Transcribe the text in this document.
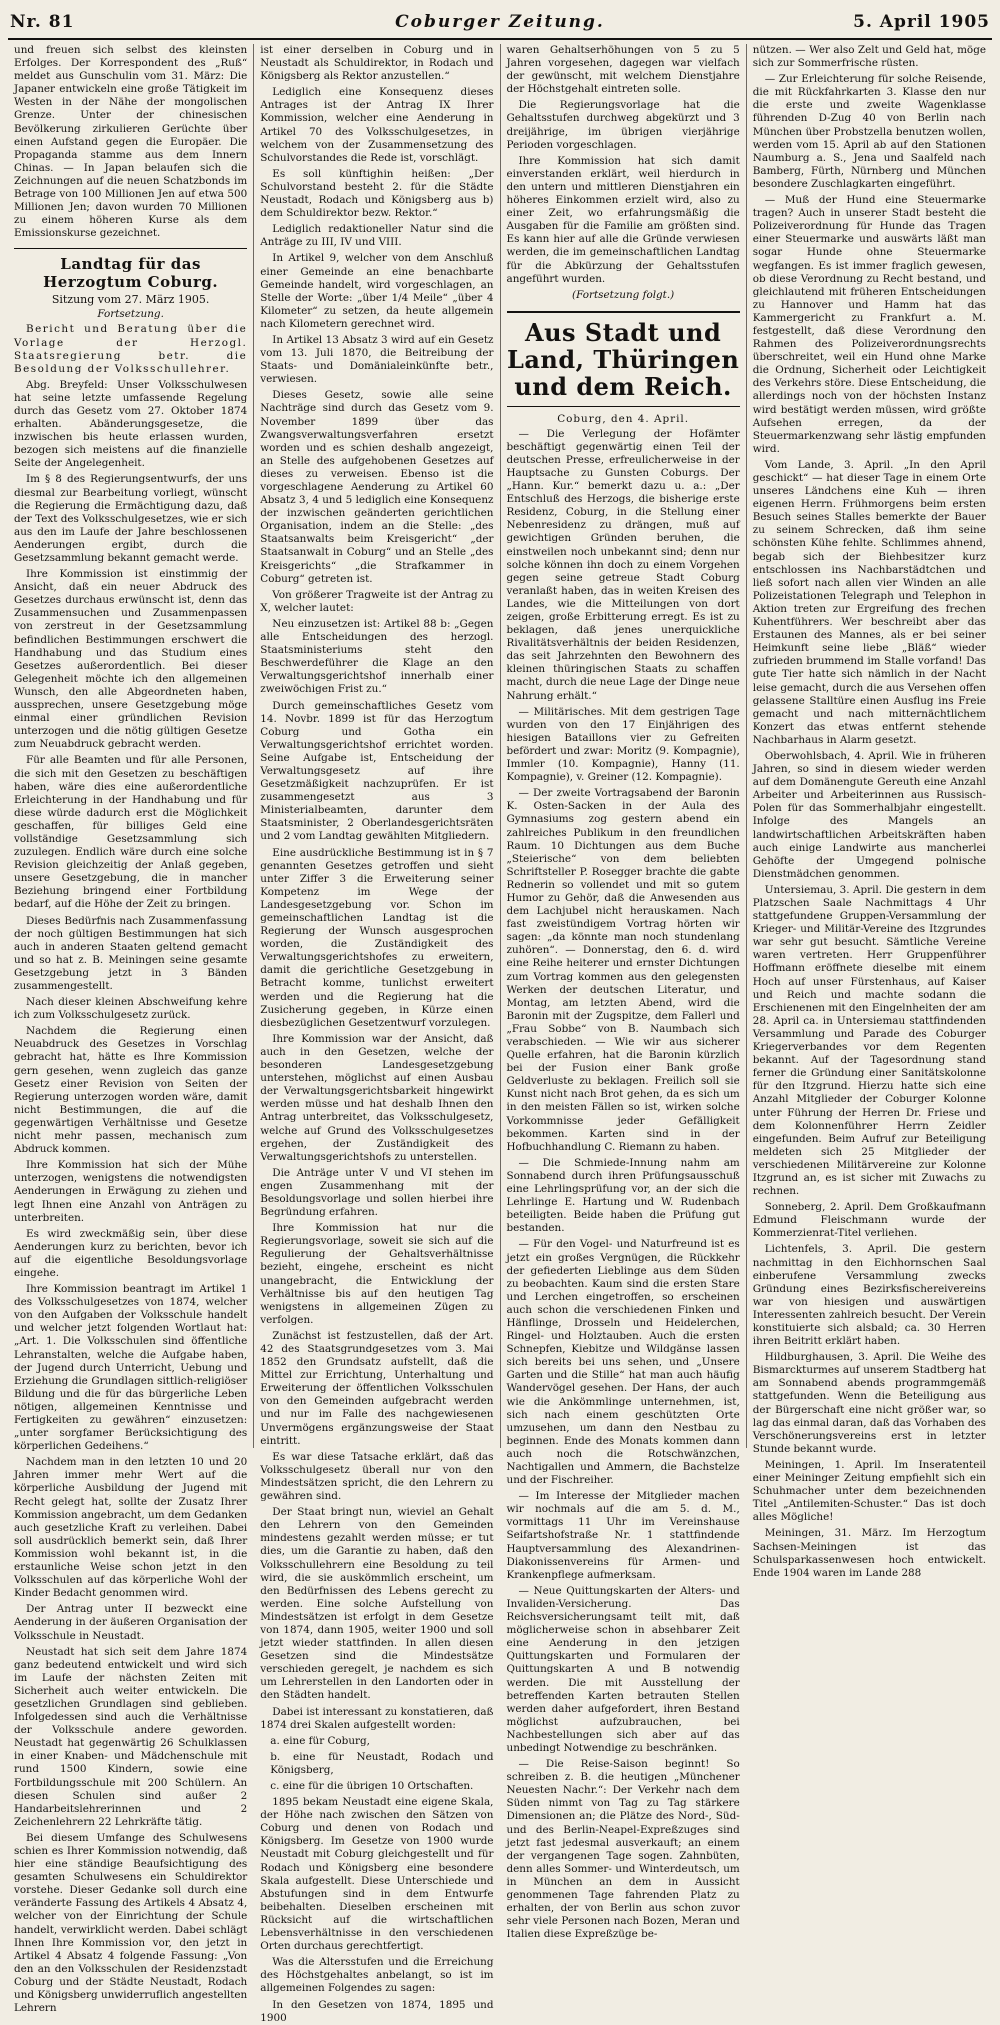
Nr. 81	Coburger Zeitung.	5. April 1905

und freuen sich selbst des kleinsten Erfolges. Der Korrespondent des „Ruß“ meldet aus Gunschulin vom 31. März: Die Japaner entwickeln eine große Tätigkeit im Westen in der Nähe der mongolischen Grenze. Unter der chinesischen Bevölkerung zirkulieren Gerüchte über einen Aufstand gegen die Europäer. Die Propaganda stamme aus dem Innern Chinas. — In Japan belaufen sich die Zeichnungen auf die neuen Schatzbonds im Betrage von 100 Millionen Jen auf etwa 500 Millionen Jen; davon wurden 70 Millionen zu einem höheren Kurse als dem Emissionskurse gezeichnet.

Landtag für das Herzogtum Coburg.
Sitzung vom 27. März 1905.
Fortsetzung.

Bericht und Beratung über die Vorlage der Herzogl. Staatsregierung betr. die Besoldung der Volksschullehrer.

Abg. Breyfeld: Unser Volksschulwesen hat seine letzte umfassende Regelung durch das Gesetz vom 27. Oktober 1874 erhalten. Abänderungsgesetze, die inzwischen bis heute erlassen wurden, bezogen sich meistens auf die finanzielle Seite der Angelegenheit.

Im § 8 des Regierungsentwurfs, der uns diesmal zur Bearbeitung vorliegt, wünscht die Regierung die Ermächtigung dazu, daß der Text des Volksschulgesetzes, wie er sich aus den im Laufe der Jahre beschlossenen Aenderungen ergibt, durch die Gesetzsammlung bekannt gemacht werde.

Ihre Kommission ist einstimmig der Ansicht, daß ein neuer Abdruck des Gesetzes durchaus erwünscht ist, denn das Zusammensuchen und Zusammenpassen von zerstreut in der Gesetzsammlung befindlichen Bestimmungen erschwert die Handhabung und das Studium eines Gesetzes außerordentlich. Bei dieser Gelegenheit möchte ich den allgemeinen Wunsch, den alle Abgeordneten haben, aussprechen, unsere Gesetzgebung möge einmal einer gründlichen Revision unterzogen und die nötig gültigen Gesetze zum Neuabdruck gebracht werden.

Für alle Beamten und für alle Personen, die sich mit den Gesetzen zu beschäftigen haben, wäre dies eine außerordentliche Erleichterung in der Handhabung und für diese würde dadurch erst die Möglichkeit geschaffen, für billiges Geld eine vollständige Gesetzsammlung sich zuzulegen. Endlich wäre durch eine solche Revision gleichzeitig der Anlaß gegeben, unsere Gesetzgebung, die in mancher Beziehung bringend einer Fortbildung bedarf, auf die Höhe der Zeit zu bringen.

Dieses Bedürfnis nach Zusammenfassung der noch gültigen Bestimmungen hat sich auch in anderen Staaten geltend gemacht und so hat z. B. Meiningen seine gesamte Gesetzgebung jetzt in 3 Bänden zusammengestellt.

Nach dieser kleinen Abschweifung kehre ich zum Volksschulgesetz zurück.

Nachdem die Regierung einen Neuabdruck des Gesetzes in Vorschlag gebracht hat, hätte es Ihre Kommission gern gesehen, wenn zugleich das ganze Gesetz einer Revision von Seiten der Regierung unterzogen worden wäre, damit nicht Bestimmungen, die auf die gegenwärtigen Verhältnisse und Gesetze nicht mehr passen, mechanisch zum Abdruck kommen.

Ihre Kommission hat sich der Mühe unterzogen, wenigstens die notwendigsten Aenderungen in Erwägung zu ziehen und legt Ihnen eine Anzahl von Anträgen zu unterbreiten.

Es wird zweckmäßig sein, über diese Aenderungen kurz zu berichten, bevor ich auf die eigentliche Besoldungsvorlage eingehe.

Ihre Kommission beantragt im Artikel 1 des Volksschulgesetzes von 1874, welcher von den Aufgaben der Volksschule handelt und welcher jetzt folgenden Wortlaut hat: „Art. 1. Die Volksschulen sind öffentliche Lehranstalten, welche die Aufgabe haben, der Jugend durch Unterricht, Uebung und Erziehung die Grundlagen sittlich-religiöser Bildung und die für das bürgerliche Leben nötigen, allgemeinen Kenntnisse und Fertigkeiten zu gewähren“ einzusetzen: „unter sorgfamer Berücksichtigung des körperlichen Gedeihens.“

Nachdem man in den letzten 10 und 20 Jahren immer mehr Wert auf die körperliche Ausbildung der Jugend mit Recht gelegt hat, sollte der Zusatz Ihrer Kommission angebracht, um dem Gedanken auch gesetzliche Kraft zu verleihen. Dabei soll ausdrücklich bemerkt sein, daß Ihrer Kommission wohl bekannt ist, in die erstaunliche Weise schon jetzt in den Volksschulen auf das körperliche Wohl der Kinder Bedacht genommen wird.

Der Antrag unter II bezweckt eine Aenderung in der äußeren Organisation der Volksschule in Neustadt.

Neustadt hat sich seit dem Jahre 1874 ganz bedeutend entwickelt und wird sich im Laufe der nächsten Zeiten mit Sicherheit auch weiter entwickeln. Die gesetzlichen Grundlagen sind geblieben. Infolgedessen sind auch die Verhältnisse der Volksschule andere geworden. Neustadt hat gegenwärtig 26 Schulklassen in einer Knaben- und Mädchenschule mit rund 1500 Kindern, sowie eine Fortbildungsschule mit 200 Schülern. An diesen Schulen sind außer 2 Handarbeitslehrerinnen und 2 Zeichenlehrern 22 Lehrkräfte tätig.

Bei diesem Umfange des Schulwesens schien es Ihrer Kommission notwendig, daß hier eine ständige Beaufsichtigung des gesamten Schulwesens ein Schuldirektor vorstehe. Dieser Gedanke soll durch eine veränderte Fassung des Artikels 4 Absatz 4, welcher von der Einrichtung der Schule handelt, verwirklicht werden. Dabei schlägt Ihnen Ihre Kommission vor, den jetzt in Artikel 4 Absatz 4 folgende Fassung: „Von den an den Volksschulen der Residenzstadt Coburg und der Städte Neustadt, Rodach und Königsberg unwiderruflich angestellten Lehrern

ist einer derselben in Coburg und in Neustadt als Schuldirektor, in Rodach und Königsberg als Rektor anzustellen.“

Lediglich eine Konsequenz dieses Antrages ist der Antrag IX Ihrer Kommission, welcher eine Aenderung in Artikel 70 des Volksschulgesetzes, in welchem von der Zusammensetzung des Schulvorstandes die Rede ist, vorschlägt.

Es soll künftighin heißen: „Der Schulvorstand besteht 2. für die Städte Neustadt, Rodach und Königsberg aus b) dem Schuldirektor bezw. Rektor.“

Lediglich redaktioneller Natur sind die Anträge zu III, IV und VIII.

In Artikel 9, welcher von dem Anschluß einer Gemeinde an eine benachbarte Gemeinde handelt, wird vorgeschlagen, an Stelle der Worte: „über 1/4 Meile“ „über 4 Kilometer“ zu setzen, da heute allgemein nach Kilometern gerechnet wird.

In Artikel 13 Absatz 3 wird auf ein Gesetz vom 13. Juli 1870, die Beitreibung der Staats- und Domänialeinkünfte betr., verwiesen.

Dieses Gesetz, sowie alle seine Nachträge sind durch das Gesetz vom 9. November 1899 über das Zwangsverwaltungsverfahren ersetzt worden und es schien deshalb angezeigt, an Stelle des aufgehobenen Gesetzes auf dieses zu verweisen. Ebenso ist die vorgeschlagene Aenderung zu Artikel 60 Absatz 3, 4 und 5 lediglich eine Konsequenz der inzwischen geänderten gerichtlichen Organisation, indem an die Stelle: „des Staatsanwalts beim Kreisgericht“ „der Staatsanwalt in Coburg“ und an Stelle „des Kreisgerichts“ „die Strafkammer in Coburg“ getreten ist.

Von größerer Tragweite ist der Antrag zu X, welcher lautet:

Neu einzusetzen ist: Artikel 88 b: „Gegen alle Entscheidungen des herzogl. Staatsministeriums steht den Beschwerdeführer die Klage an den Verwaltungsgerichtshof innerhalb einer zweiwöchigen Frist zu.“

Durch gemeinschaftliches Gesetz vom 14. Novbr. 1899 ist für das Herzogtum Coburg und Gotha ein Verwaltungsgerichtshof errichtet worden. Seine Aufgabe ist, Entscheidung der Verwaltungsgesetz auf ihre Gesetzmäßigkeit nachzuprüfen. Er ist zusammengesetzt aus 3 Ministerialbeamten, darunter dem Staatsminister, 2 Oberlandesgerichtsräten und 2 vom Landtag gewählten Mitgliedern.

Eine ausdrückliche Bestimmung ist in § 7 genannten Gesetzes getroffen und sieht unter Ziffer 3 die Erweiterung seiner Kompetenz im Wege der Landesgesetzgebung vor. Schon im gemeinschaftlichen Landtag ist die Regierung der Wunsch ausgesprochen worden, die Zuständigkeit des Verwaltungsgerichtshofes zu erweitern, damit die gerichtliche Gesetzgebung in Betracht komme, tunlichst erweitert werden und die Regierung hat die Zusicherung gegeben, in Kürze einen diesbezüglichen Gesetzentwurf vorzulegen.

Ihre Kommission war der Ansicht, daß auch in den Gesetzen, welche der besonderen Landesgesetzgebung unterstehen, möglichst auf einen Ausbau der Verwaltungsgerichtsbarkeit hingewirkt werden müsse und hat deshalb Ihnen den Antrag unterbreitet, das Volksschulgesetz, welche auf Grund des Volksschulgesetzes ergehen, der Zuständigkeit des Verwaltungsgerichtshofs zu unterstellen.

Die Anträge unter V und VI stehen im engen Zusammenhang mit der Besoldungsvorlage und sollen hierbei ihre Begründung erfahren.

Ihre Kommission hat nur die Regierungsvorlage, soweit sie sich auf die Regulierung der Gehaltsverhältnisse bezieht, eingehe, erscheint es nicht unangebracht, die Entwicklung der Verhältnisse bis auf den heutigen Tag wenigstens in allgemeinen Zügen zu verfolgen.

Zunächst ist festzustellen, daß der Art. 42 des Staatsgrundgesetzes vom 3. Mai 1852 den Grundsatz aufstellt, daß die Mittel zur Errichtung, Unterhaltung und Erweiterung der öffentlichen Volksschulen von den Gemeinden aufgebracht werden und nur im Falle des nachgewiesenen Unvermögens ergänzungsweise der Staat eintritt.

Es war diese Tatsache erklärt, daß das Volksschulgesetz überall nur von den Mindestsätzen spricht, die den Lehrern zu gewähren sind.

Der Staat bringt nun, wieviel an Gehalt den Lehrern von den Gemeinden mindestens gezahlt werden müsse; er tut dies, um die Garantie zu haben, daß den Volksschullehrern eine Besoldung zu teil wird, die sie auskömmlich erscheint, um den Bedürfnissen des Lebens gerecht zu werden. Eine solche Aufstellung von Mindestsätzen ist erfolgt in dem Gesetze von 1874, dann 1905, weiter 1900 und soll jetzt wieder stattfinden. In allen diesen Gesetzen sind die Mindestsätze verschieden geregelt, je nachdem es sich um Lehrerstellen in den Landorten oder in den Städten handelt.

Dabei ist interessant zu konstatieren, daß 1874 drei Skalen aufgestellt worden:

a. eine für Coburg,

b. eine für Neustadt, Rodach und Königsberg,

c. eine für die übrigen 10 Ortschaften.

1895 bekam Neustadt eine eigene Skala, der Höhe nach zwischen den Sätzen von Coburg und denen von Rodach und Königsberg. Im Gesetze von 1900 wurde Neustadt mit Coburg gleichgestellt und für Rodach und Königsberg eine besondere Skala aufgestellt. Diese Unterschiede und Abstufungen sind in dem Entwurfe beibehalten. Dieselben erscheinen mit Rücksicht auf die wirtschaftlichen Lebensverhältnisse in den verschiedenen Orten durchaus gerechtfertigt.

Was die Altersstufen und die Erreichung des Höchstgehaltes anbelangt, so ist im allgemeinen Folgendes zu sagen:

In den Gesetzen von 1874, 1895 und 1900

waren Gehaltserhöhungen von 5 zu 5 Jahren vorgesehen, dagegen war vielfach der gewünscht, mit welchem Dienstjahre der Höchstgehalt eintreten solle.

Die Regierungsvorlage hat die Gehaltsstufen durchweg abgekürzt und 3 dreijährige, im übrigen vierjährige Perioden vorgeschlagen.

Ihre Kommission hat sich damit einverstanden erklärt, weil hierdurch in den untern und mittleren Dienstjahren ein höheres Einkommen erzielt wird, also zu einer Zeit, wo erfahrungsmäßig die Ausgaben für die Familie am größten sind. Es kann hier auf alle die Gründe verwiesen werden, die im gemeinschaftlichen Landtag für die Abkürzung der Gehaltsstufen angeführt wurden.

(Fortsetzung folgt.)
Aus Stadt und Land, Thüringen und dem Reich.
Coburg, den 4. April.

— Die Verlegung der Hofämter beschäftigt gegenwärtig einen Teil der deutschen Presse, erfreulicherweise in der Hauptsache zu Gunsten Coburgs. Der „Hann. Kur.“ bemerkt dazu u. a.: „Der Entschluß des Herzogs, die bisherige erste Residenz, Coburg, in die Stellung einer Nebenresidenz zu drängen, muß auf gewichtigen Gründen beruhen, die einstweilen noch unbekannt sind; denn nur solche können ihn doch zu einem Vorgehen gegen seine getreue Stadt Coburg veranlaßt haben, das in weiten Kreisen des Landes, wie die Mitteilungen von dort zeigen, große Erbitterung erregt. Es ist zu beklagen, daß jenes unerquickliche Rivalitätsverhältnis der beiden Residenzen, das seit Jahrzehnten den Bewohnern des kleinen thüringischen Staats zu schaffen macht, durch die neue Lage der Dinge neue Nahrung erhält.“

— Militärisches. Mit dem gestrigen Tage wurden von den 17 Einjährigen des hiesigen Bataillons vier zu Gefreiten befördert und zwar: Moritz (9. Kompagnie), Immler (10. Kompagnie), Hanny (11. Kompagnie), v. Greiner (12. Kompagnie).

— Der zweite Vortragsabend der Baronin K. Osten-Sacken in der Aula des Gymnasiums zog gestern abend ein zahlreiches Publikum in den freundlichen Raum. 10 Dichtungen aus dem Buche „Steierische“ von dem beliebten Schriftsteller P. Rosegger brachte die gabte Rednerin so vollendet und mit so gutem Humor zu Gehör, daß die Anwesenden aus dem Lachjubel nicht herauskamen. Nach fast zweistündigem Vortrag hörten wir sagen: „da könnte man noch stundenlang zuhören“. — Donnerstag, den 6. d. wird eine Reihe heiterer und ernster Dichtungen zum Vortrag kommen aus den gelegensten Werken der deutschen Literatur, und Montag, am letzten Abend, wird die Baronin mit der Zugspitze, dem Fallerl und „Frau Sobbe“ von B. Naumbach sich verabschieden. — Wie wir aus sicherer Quelle erfahren, hat die Baronin kürzlich bei der Fusion einer Bank große Geldverluste zu beklagen. Freilich soll sie Kunst nicht nach Brot gehen, da es sich um in den meisten Fällen so ist, wirken solche Vorkommnisse jeder Gefälligkeit bekommen. Karten sind in der Hofbuchhandlung C. Riemann zu haben.

— Die Schmiede-Innung nahm am Sonnabend durch ihren Prüfungsausschuß eine Lehrlingsprüfung vor, an der sich die Lehrlinge E. Hartung und W. Rudenbach beteiligten. Beide haben die Prüfung gut bestanden.

— Für den Vogel- und Naturfreund ist es jetzt ein großes Vergnügen, die Rückkehr der gefiederten Lieblinge aus dem Süden zu beobachten. Kaum sind die ersten Stare und Lerchen eingetroffen, so erscheinen auch schon die verschiedenen Finken und Hänflinge, Drosseln und Heidelerchen, Ringel- und Holztauben. Auch die ersten Schnepfen, Kiebitze und Wildgänse lassen sich bereits bei uns sehen, und „Unsere Garten und die Stille“ hat man auch häufig Wandervögel gesehen. Der Hans, der auch wie die Ankömmlinge unternehmen, ist, sich nach einem geschützten Orte umzusehen, um dann den Nestbau zu beginnen. Ende des Monats kommen dann auch noch die Rotschwänzchen, Nachtigallen und Ammern, die Bachstelze und der Fischreiher.

— Im Interesse der Mitglieder machen wir nochmals auf die am 5. d. M., vormittags 11 Uhr im Vereinshause Seifartshofstraße Nr. 1 stattfindende Hauptversammlung des Alexandrinen-Diakonissenvereins für Armen- und Krankenpflege aufmerksam.

— Neue Quittungskarten der Alters- und Invaliden-Versicherung. Das Reichsversicherungsamt teilt mit, daß möglicherweise schon in absehbarer Zeit eine Aenderung in den jetzigen Quittungskarten und Formularen der Quittungskarten A und B notwendig werden. Die mit Ausstellung der betreffenden Karten betrauten Stellen werden daher aufgefordert, ihren Bestand möglichst aufzubrauchen, bei Nachbestellungen sich aber auf das unbedingt Notwendige zu beschränken.

— Die Reise-Saison beginnt! So schreiben z. B. die heutigen „Münchener Neuesten Nachr.“: Der Verkehr nach dem Süden nimmt von Tag zu Tag stärkere Dimensionen an; die Plätze des Nord-, Süd- und des Berlin-Neapel-Expreßzuges sind jetzt fast jedesmal ausverkauft; an einem der vergangenen Tage sogen. Zahnbüten, denn alles Sommer- und Winterdeutsch, um in München an dem in Aussicht genommenen Tage fahrenden Platz zu erhalten, der von Berlin aus schon zuvor sehr viele Personen nach Bozen, Meran und Italien diese Expreßzüge be-

nützen. — Wer also Zelt und Geld hat, möge sich zur Sommerfrische rüsten.

— Zur Erleichterung für solche Reisende, die mit Rückfahrkarten 3. Klasse den nur die erste und zweite Wagenklasse führenden D-Zug 40 von Berlin nach München über Probstzella benutzen wollen, werden vom 15. April ab auf den Stationen Naumburg a. S., Jena und Saalfeld nach Bamberg, Fürth, Nürnberg und München besondere Zuschlagkarten eingeführt.

— Muß der Hund eine Steuermarke tragen? Auch in unserer Stadt besteht die Polizeiverordnung für Hunde das Tragen einer Steuermarke und auswärts läßt man sogar Hunde ohne Steuermarke wegfangen. Es ist immer fraglich gewesen, ob diese Verordnung zu Recht bestand, und gleichlautend mit früheren Entscheidungen zu Hannover und Hamm hat das Kammergericht zu Frankfurt a. M. festgestellt, daß diese Verordnung den Rahmen des Polizeiverordnungsrechts überschreitet, weil ein Hund ohne Marke die Ordnung, Sicherheit oder Leichtigkeit des Verkehrs störe. Diese Entscheidung, die allerdings noch von der höchsten Instanz wird bestätigt werden müssen, wird größte Aufsehen erregen, da der Steuermarkenzwang sehr lästig empfunden wird.

Vom Lande, 3. April. „In den April geschickt“ — hat dieser Tage in einem Orte unseres Ländchens eine Kuh — ihren eigenen Herrn. Frühmorgens beim ersten Besuch seines Stalles bemerkte der Bauer zu seinem Schrecken, daß ihm seine schönsten Kühe fehlte. Schlimmes ahnend, begab sich der Biehbesitzer kurz entschlossen ins Nachbarstädtchen und ließ sofort nach allen vier Winden an alle Polizeistationen Telegraph und Telephon in Aktion treten zur Ergreifung des frechen Kuhentführers. Wer beschreibt aber das Erstaunen des Mannes, als er bei seiner Heimkunft seine liebe „Bläß“ wieder zufrieden brummend im Stalle vorfand! Das gute Tier hatte sich nämlich in der Nacht leise gemacht, durch die aus Versehen offen gelassene Stalltüre einen Ausflug ins Freie gemacht und nach mitternächtlichem Konzert das etwas entfernt stehende Nachbarhaus in Alarm gesetzt.

Oberwohlsbach, 4. April. Wie in früheren Jahren, so sind in diesem wieder werden auf dem Domänengute Gereuth eine Anzahl Arbeiter und Arbeiterinnen aus Russisch-Polen für das Sommerhalbjahr eingestellt. Infolge des Mangels an landwirtschaftlichen Arbeitskräften haben auch einige Landwirte aus mancherlei Gehöfte der Umgegend polnische Dienstmädchen genommen.

Untersiemau, 3. April. Die gestern in dem Platzschen Saale Nachmittags 4 Uhr stattgefundene Gruppen-Versammlung der Krieger- und Militär-Vereine des Itzgrundes war sehr gut besucht. Sämtliche Vereine waren vertreten. Herr Gruppenführer Hoffmann eröffnete dieselbe mit einem Hoch auf unser Fürstenhaus, auf Kaiser und Reich und machte sodann die Erschienenen mit den Eingelnheiten der am 28. April ca. in Untersiemau stattfindenden Versammlung und Parade des Coburger Kriegerverbandes vor dem Regenten bekannt. Auf der Tagesordnung stand ferner die Gründung einer Sanitätskolonne für den Itzgrund. Hierzu hatte sich eine Anzahl Mitglieder der Coburger Kolonne unter Führung der Herren Dr. Friese und dem Kolonnenführer Herrn Zeidler eingefunden. Beim Aufruf zur Beteiligung meldeten sich 25 Mitglieder der verschiedenen Militärvereine zur Kolonne Itzgrund an, es ist sicher mit Zuwachs zu rechnen.

Sonneberg, 2. April. Dem Großkaufmann Edmund Fleischmann wurde der Kommerzienrat-Titel verliehen.

Lichtenfels, 3. April. Die gestern nachmittag in den Eichhornschen Saal einberufene Versammlung zwecks Gründung eines Bezirksfischereivereins war von hiesigen und auswärtigen Interessenten zahlreich besucht. Der Verein konstituierte sich alsbald; ca. 30 Herren ihren Beitritt erklärt haben.

Hildburghausen, 3. April. Die Weihe des Bismarckturmes auf unserem Stadtberg hat am Sonnabend abends programmgemäß stattgefunden. Wenn die Beteiligung aus der Bürgerschaft eine nicht größer war, so lag das einmal daran, daß das Vorhaben des Verschönerungsvereins erst in letzter Stunde bekannt wurde.

Meiningen, 1. April. Im Inseratenteil einer Meininger Zeitung empfiehlt sich ein Schuhmacher unter dem bezeichnenden Titel „Antilemiten-Schuster.“ Das ist doch alles Mögliche!

Meiningen, 31. März. Im Herzogtum Sachsen-Meiningen ist das Schulsparkassenwesen hoch entwickelt. Ende 1904 waren im Lande 288
